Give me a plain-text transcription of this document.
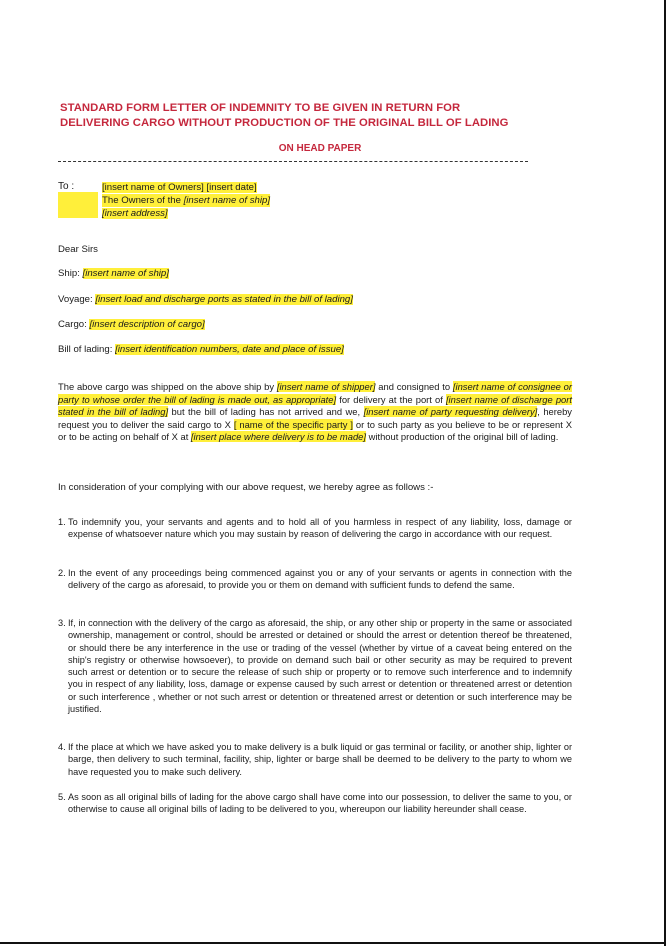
STANDARD FORM LETTER OF INDEMNITY TO BE GIVEN IN RETURN FOR
DELIVERING CARGO WITHOUT PRODUCTION OF THE ORIGINAL BILL OF LADING
ON HEAD PAPER
To :	[insert name of Owners] [insert date]
The Owners of the [insert name of ship]
[insert address]
Dear Sirs
Ship: [insert name of ship]
Voyage: [insert load and discharge ports as stated in the bill of lading]
Cargo: [insert description of cargo]
Bill of lading: [insert identification numbers, date and place of issue]
The above cargo was shipped on the above ship by [insert name of shipper] and consigned to [insert name of consignee or party to whose order the bill of lading is made out, as appropriate] for delivery at the port of [insert name of discharge port stated in the bill of lading] but the bill of lading has not arrived and we, [insert name of party requesting delivery], hereby request you to deliver the said cargo to X [ name of the specific party ] or to such party as you believe to be or represent X or to be acting on behalf of X at [insert place where delivery is to be made] without production of the original bill of lading.
In consideration of your complying with our above request, we hereby agree as follows :-
1. To indemnify you, your servants and agents and to hold all of you harmless in respect of any liability, loss, damage or expense of whatsoever nature which you may sustain by reason of delivering the cargo in accordance with our request.
2. In the event of any proceedings being commenced against you or any of your servants or agents in connection with the delivery of the cargo as aforesaid, to provide you or them on demand with sufficient funds to defend the same.
3. If, in connection with the delivery of the cargo as aforesaid, the ship, or any other ship or property in the same or associated ownership, management or control, should be arrested or detained or should the arrest or detention thereof be threatened, or should there be any interference in the use or trading of the vessel (whether by virtue of a caveat being entered on the ship's registry or otherwise howsoever), to provide on demand such bail or other security as may be required to prevent such arrest or detention or to secure the release of such ship or property or to remove such interference and to indemnify you in respect of any liability, loss, damage or expense caused by such arrest or detention or threatened arrest or detention or such interference , whether or not such arrest or detention or threatened arrest or detention or such interference may be justified.
4. If the place at which we have asked you to make delivery is a bulk liquid or gas terminal or facility, or another ship, lighter or barge, then delivery to such terminal, facility, ship, lighter or barge shall be deemed to be delivery to the party to whom we have requested you to make such delivery.
5. As soon as all original bills of lading for the above cargo shall have come into our possession, to deliver the same to you, or otherwise to cause all original bills of lading to be delivered to you, whereupon our liability hereunder shall cease.
